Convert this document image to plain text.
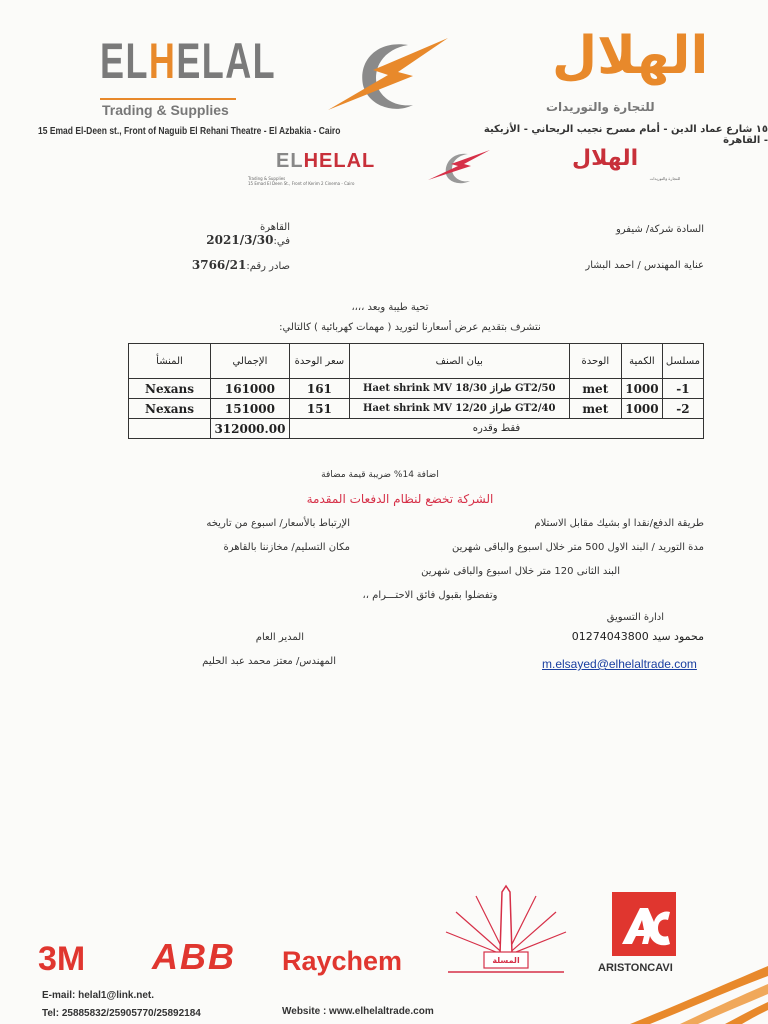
ELHELAL
Trading & Supplies
15 Emad El-Deen st., Front of Naguib El Rehani Theatre - El Azbakia - Cairo
الهلال
للتجارة والتوريدات
١٥ شارع عماد الدين - أمام مسرح نجيب الريحاني - الأزبكية - القاهرة
ELHELAL
Trading & Supplies
15 Emad El Deen St., Front of Kerim 2 Cinema - Cairo
الهلال
للتجارة والتوريدات
القاهرة في:2021/3/30
صادر رقم:3766/21
السادة شركة/ شيفرو
عناية المهندس / احمد البشار
تحية طيبة وبعد ،،،،
نتشرف بتقديم عرض أسعارنا لتوريد ( مهمات كهربائية ) كالتالي:
مسلسل	الكمية	الوحدة	بيان الصنف	سعر الوحدة	الإجمالي	المنشأ
1-	1000	met	GT2/50 طراز Haet shrink MV 18/30	161	161000	Nexans
2-	1000	met	GT2/40 طراز Haet shrink MV 12/20	151	151000	Nexans
فقط وقدره					312000.00	
اضافة 14% ضريبة قيمة مضافة
الشركة تخضع لنظام الدفعات المقدمة
طريقة الدفع/نقدا او بشيك مقابل الاستلام
الإرتباط بالأسعار/ اسبوع من تاريخه
مدة التوريد / البند الاول 500 متر خلال اسبوع والباقى شهرين
مكان التسليم/ مخازننا بالقاهرة
البند الثانى 120 متر خلال اسبوع والباقى شهرين
وتفضلوا بقبول فائق الاحتـــرام ،،
ادارة التسويق
محمود سيد 01274043800
m.elsayed@elhelaltrade.com
المدير العام
المهندس/ معتز محمد عبد الحليم
3M ABB Raychem	المسلة
ARISTONCAVI
E-mail: helal1@link.net.
Tel: 25885832/25905770/25892184	Website : www.elhelaltrade.com
